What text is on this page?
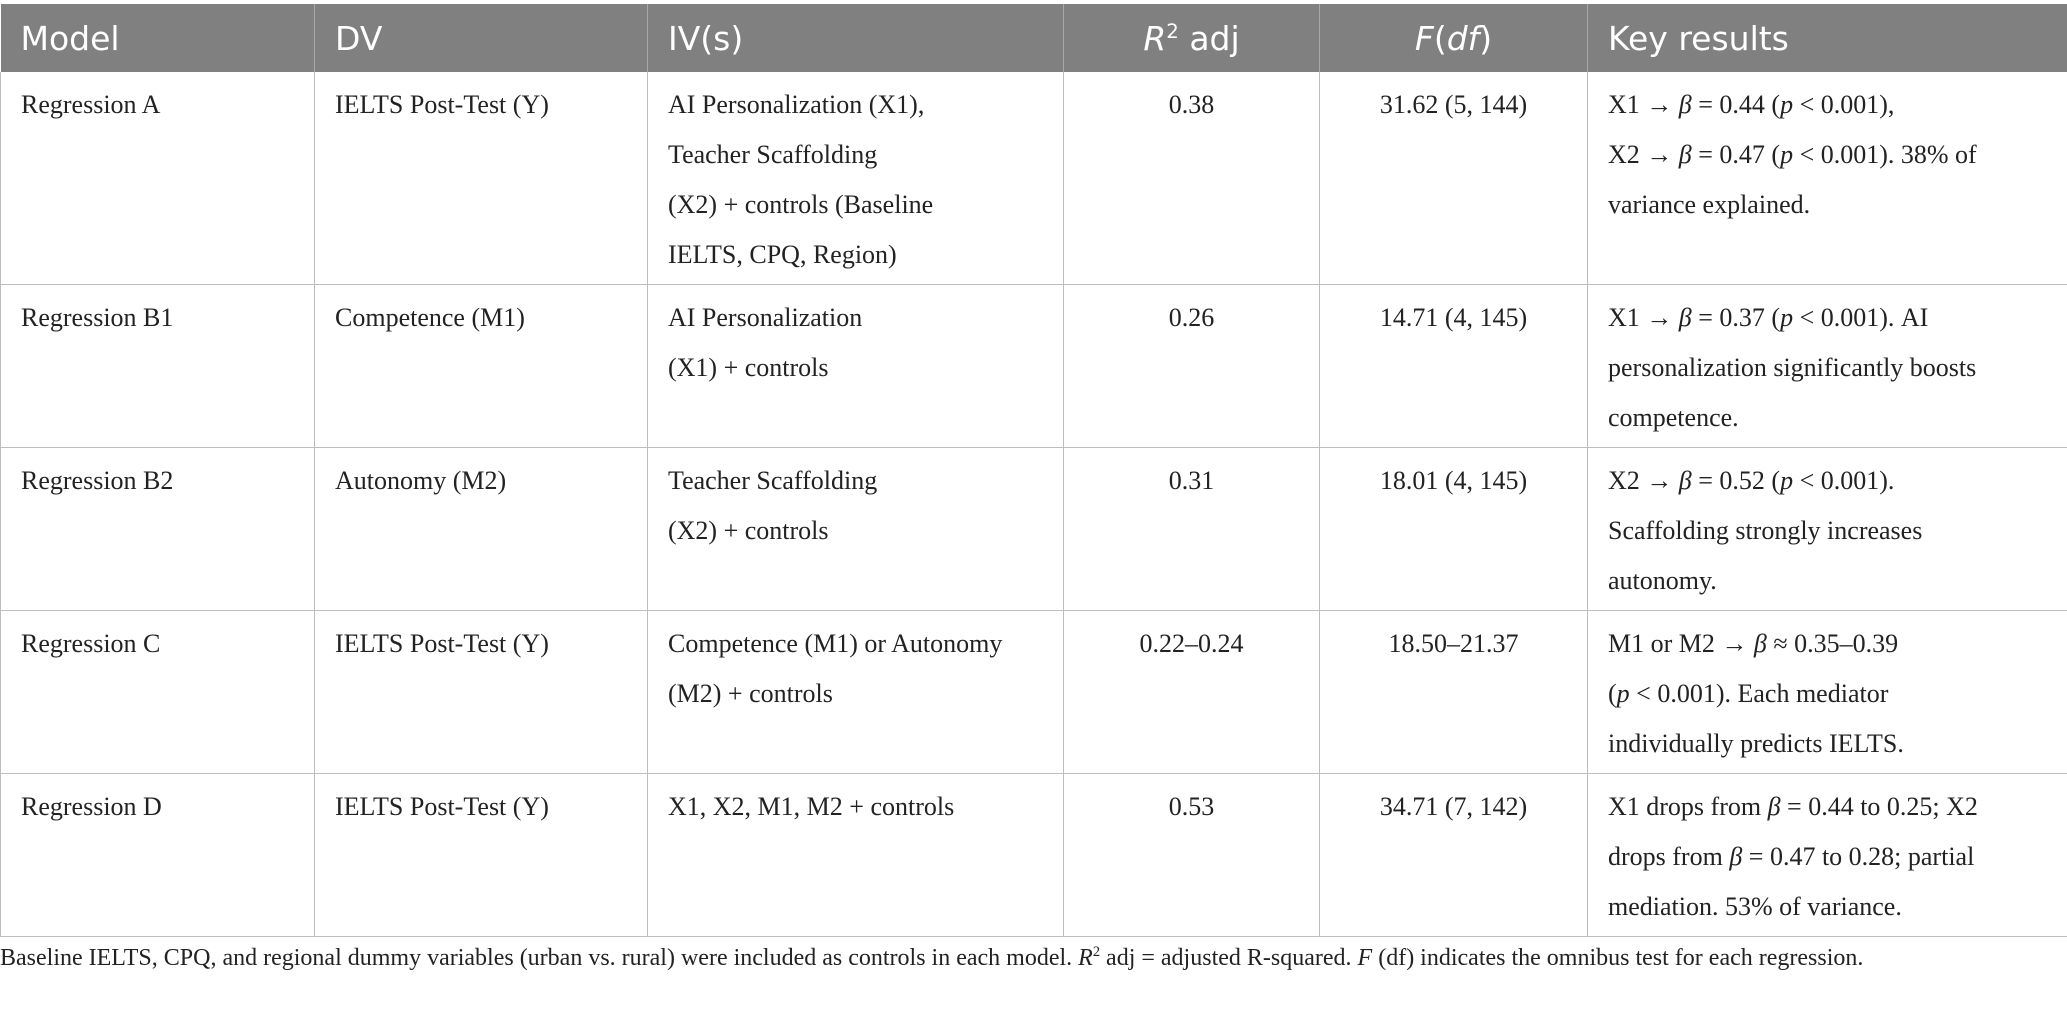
Model	DV	IV(s)	$R^2$ adj	F(df)	Key results
Regression A	IELTS Post-Test (Y)	AI Personalization (X1),
Teacher Scaffolding
(X2) + controls (Baseline
IELTS, CPQ, Region)	0.38	31.62 (5, 144)	X1 → β = 0.44 (p < 0.001),
X2 → β = 0.47 (p < 0.001). 38% of
variance explained.

Regression B1	Competence (M1)	AI Personalization
(X1) + controls	0.26	14.71 (4, 145)	X1 → β = 0.37 (p < 0.001). AI
personalization significantly boosts
competence.

Regression B2	Autonomy (M2)	Teacher Scaffolding
(X2) + controls	0.31	18.01 (4, 145)	X2 → β = 0.52 (p < 0.001).
Scaffolding strongly increases
autonomy.

Regression C	IELTS Post-Test (Y)	Competence (M1) or Autonomy
(M2) + controls	0.22–0.24	18.50–21.37	M1 or M2 → β ≈ 0.35–0.39
(p < 0.001). Each mediator
individually predicts IELTS.

Regression D	IELTS Post-Test (Y)	X1, X2, M1, M2 + controls	0.53	34.71 (7, 142)	X1 drops from β = 0.44 to 0.25; X2
drops from β = 0.47 to 0.28; partial
mediation. 53% of variance.
Baseline IELTS, CPQ, and regional dummy variables (urban vs. rural) were included as controls in each model. $R^2$ adj = adjusted R-squared. F (df) indicates the omnibus test for each regression.
